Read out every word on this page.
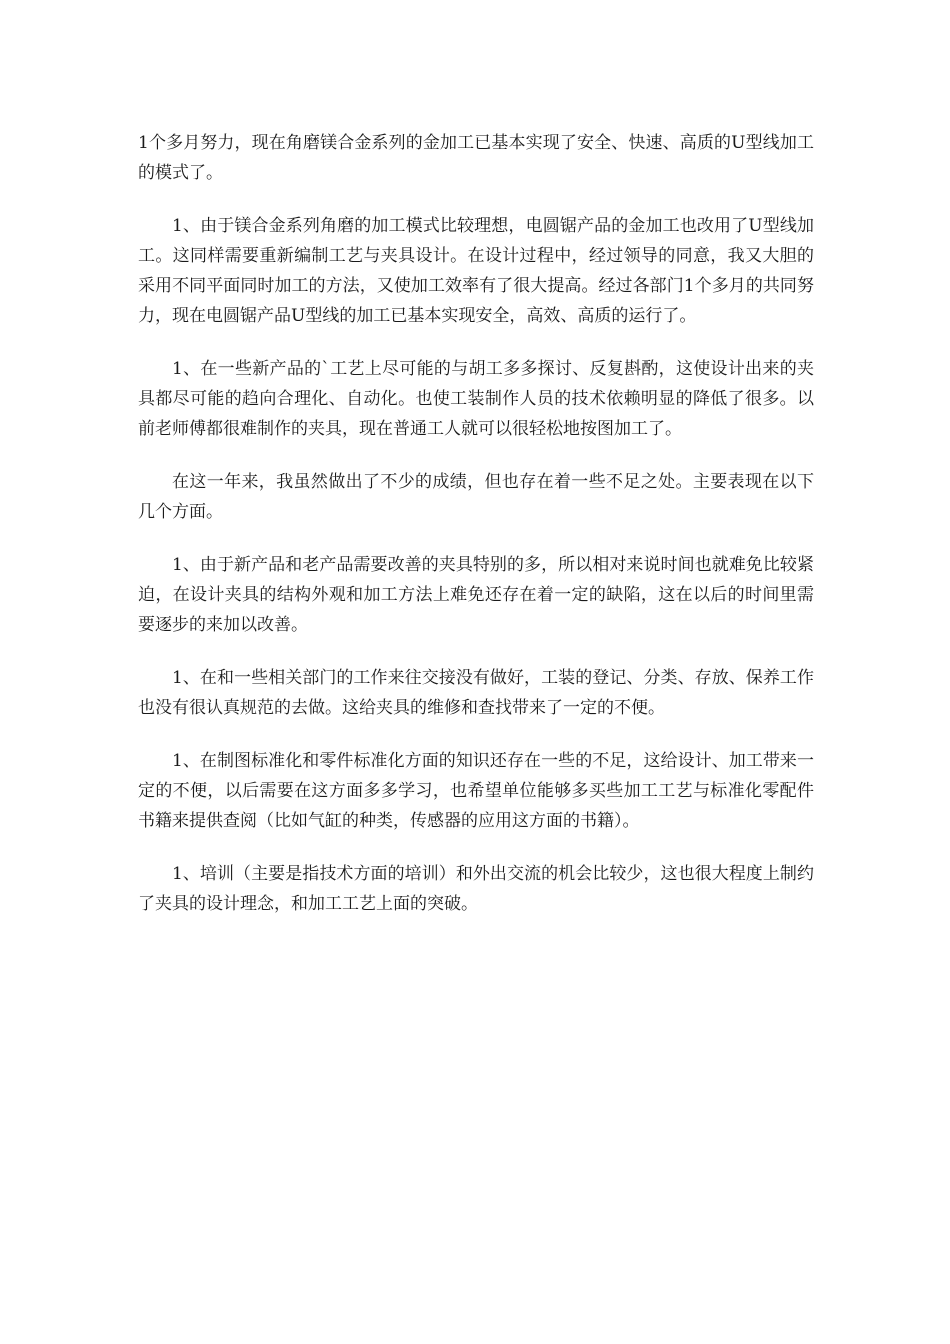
1个多月努力，现在角磨镁合金系列的金加工已基本实现了安全、快速、高质的U型线加工的模式了。

1、由于镁合金系列角磨的加工模式比较理想，电圆锯产品的金加工也改用了U型线加工。这同样需要重新编制工艺与夹具设计。在设计过程中，经过领导的同意，我又大胆的采用不同平面同时加工的方法，又使加工效率有了很大提高。经过各部门1个多月的共同努力，现在电圆锯产品U型线的加工已基本实现安全，高效、高质的运行了。

1、在一些新产品的`工艺上尽可能的与胡工多多探讨、反复斟酌，这使设计出来的夹具都尽可能的趋向合理化、自动化。也使工装制作人员的技术依赖明显的降低了很多。以前老师傅都很难制作的夹具，现在普通工人就可以很轻松地按图加工了。

在这一年来，我虽然做出了不少的成绩，但也存在着一些不足之处。主要表现在以下几个方面。

1、由于新产品和老产品需要改善的夹具特别的多，所以相对来说时间也就难免比较紧迫，在设计夹具的结构外观和加工方法上难免还存在着一定的缺陷，这在以后的时间里需要逐步的来加以改善。

1、在和一些相关部门的工作来往交接没有做好，工装的登记、分类、存放、保养工作也没有很认真规范的去做。这给夹具的维修和查找带来了一定的不便。

1、在制图标准化和零件标准化方面的知识还存在一些的不足，这给设计、加工带来一定的不便，以后需要在这方面多多学习，也希望单位能够多买些加工工艺与标准化零配件书籍来提供查阅（比如气缸的种类，传感器的应用这方面的书籍）。

1、培训（主要是指技术方面的培训）和外出交流的机会比较少，这也很大程度上制约了夹具的设计理念，和加工工艺上面的突破。
